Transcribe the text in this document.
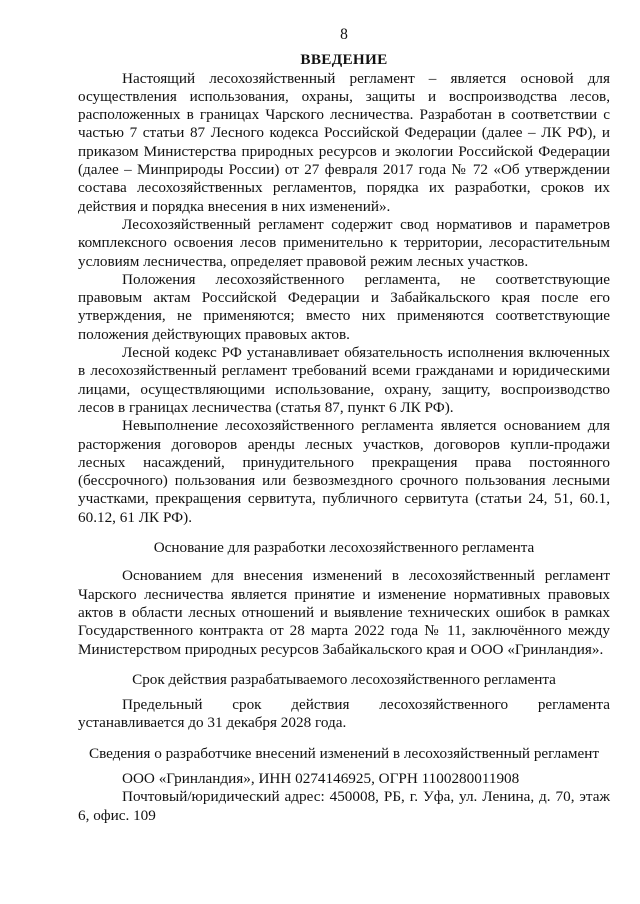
8
ВВЕДЕНИЕ

Настоящий лесохозяйственный регламент – является основой для осуществления использования, охраны, защиты и воспроизводства лесов, расположенных в границах Чарского лесничества. Разработан в соответствии с частью 7 статьи 87 Лесного кодекса Российской Федерации (далее – ЛК РФ), и приказом Министерства природных ресурсов и экологии Российской Федерации (далее – Минприроды России) от 27 февраля 2017 года № 72 «Об утверждении состава лесохозяйственных регламентов, порядка их разработки, сроков их действия и порядка внесения в них изменений».

Лесохозяйственный регламент содержит свод нормативов и параметров комплексного освоения лесов применительно к территории, лесорастительным условиям лесничества, определяет правовой режим лесных участков.

Положения лесохозяйственного регламента, не соответствующие правовым актам Российской Федерации и Забайкальского края после его утверждения, не применяются; вместо них применяются соответствующие положения действующих правовых актов.

Лесной кодекс РФ устанавливает обязательность исполнения включенных в лесохозяйственный регламент требований всеми гражданами и юридическими лицами, осуществляющими использование, охрану, защиту, воспроизводство лесов в границах лесничества (статья 87, пункт 6 ЛК РФ).

Невыполнение лесохозяйственного регламента является основанием для расторжения договоров аренды лесных участков, договоров купли-продажи лесных насаждений, принудительного прекращения права постоянного (бессрочного) пользования или безвозмездного срочного пользования лесными участками, прекращения сервитута, публичного сервитута (статьи 24, 51, 60.1, 60.12, 61 ЛК РФ).

Основание для разработки лесохозяйственного регламента

Основанием для внесения изменений в лесохозяйственный регламент Чарского лесничества является принятие и изменение нормативных правовых актов в области лесных отношений и выявление технических ошибок в рамках Государственного контракта от 28 марта 2022 года № 11, заключённого между Министерством природных ресурсов Забайкальского края и ООО «Гринландия».

Срок действия разрабатываемого лесохозяйственного регламента

Предельный срок действия лесохозяйственного регламента устанавливается до 31 декабря 2028 года.

Сведения о разработчике внесений изменений в лесохозяйственный регламент

ООО «Гринландия», ИНН 0274146925, ОГРН 1100280011908

Почтовый/юридический адрес: 450008, РБ, г. Уфа, ул. Ленина, д. 70, этаж 6, офис. 109
